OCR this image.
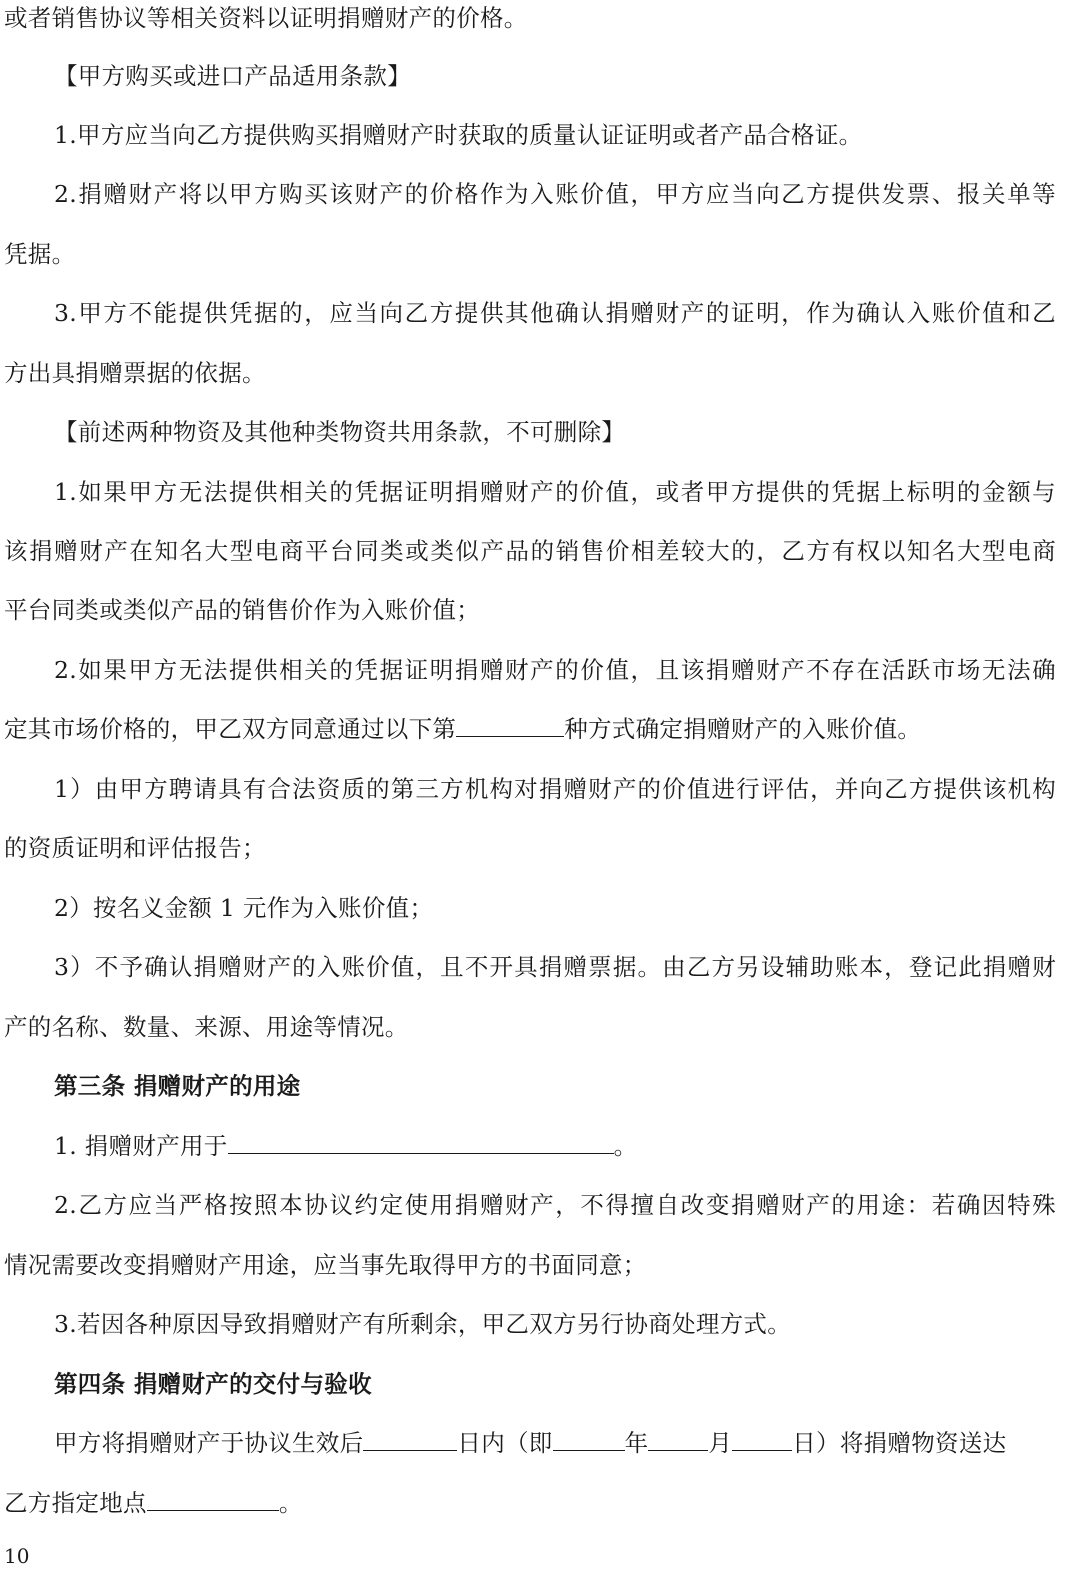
或者销售协议等相关资料以证明捐赠财产的价格。
【甲方购买或进口产品适用条款】
1.甲方应当向乙方提供购买捐赠财产时获取的质量认证证明或者产品合格证。
2.捐赠财产将以甲方购买该财产的价格作为入账价值，甲方应当向乙方提供发票、报关单等
凭据。
3.甲方不能提供凭据的，应当向乙方提供其他确认捐赠财产的证明，作为确认入账价值和乙
方出具捐赠票据的依据。
【前述两种物资及其他种类物资共用条款，不可删除】
1.如果甲方无法提供相关的凭据证明捐赠财产的价值，或者甲方提供的凭据上标明的金额与
该捐赠财产在知名大型电商平台同类或类似产品的销售价相差较大的，乙方有权以知名大型电商
平台同类或类似产品的销售价作为入账价值；
2.如果甲方无法提供相关的凭据证明捐赠财产的价值，且该捐赠财产不存在活跃市场无法确
定其市场价格的，甲乙双方同意通过以下第	种方式确定捐赠财产的入账价值。
1）由甲方聘请具有合法资质的第三方机构对捐赠财产的价值进行评估，并向乙方提供该机构
的资质证明和评估报告；
2）按名义金额 1 元作为入账价值；
3）不予确认捐赠财产的入账价值，且不开具捐赠票据。由乙方另设辅助账本，登记此捐赠财
产的名称、数量、来源、用途等情况。
第三条 捐赠财产的用途
1. 捐赠财产用于	。
2.乙方应当严格按照本协议约定使用捐赠财产，不得擅自改变捐赠财产的用途：若确因特殊
情况需要改变捐赠财产用途，应当事先取得甲方的书面同意；
3.若因各种原因导致捐赠财产有所剩余，甲乙双方另行协商处理方式。
第四条 捐赠财产的交付与验收
甲方将捐赠财产于协议生效后	日内（即	年	月	日）将捐赠物资送达
乙方指定地点	。
10
